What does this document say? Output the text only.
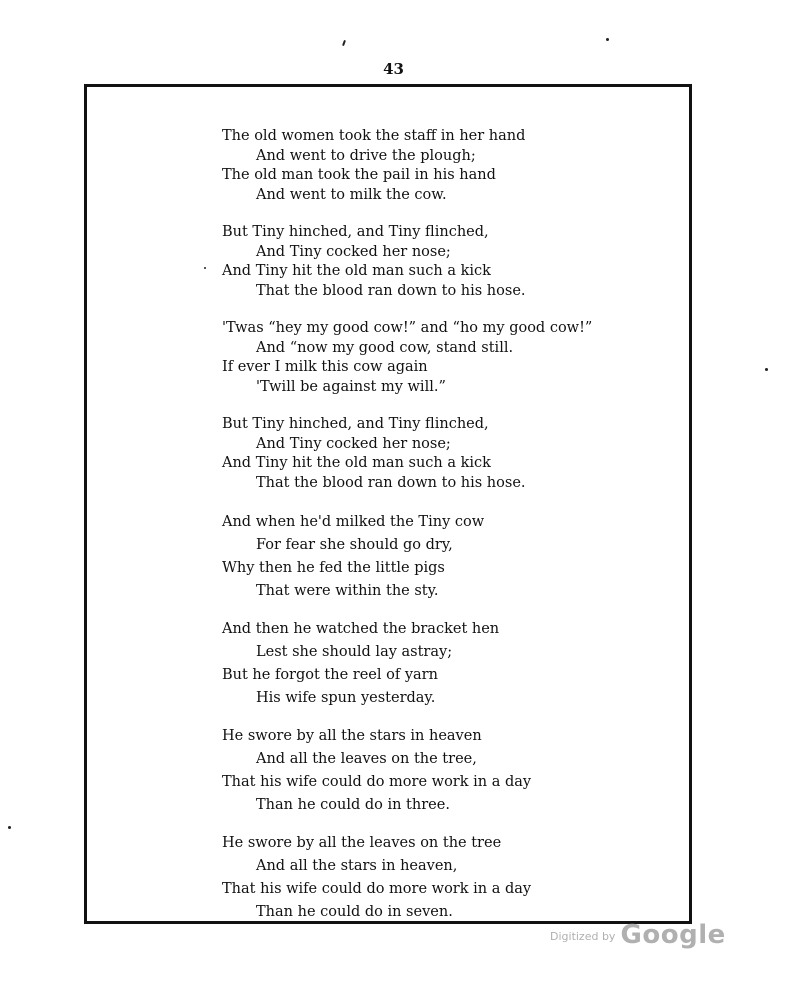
43
The old women took the staff in her hand
And went to drive the plough;
The old man took the pail in his hand
And went to milk the cow.
But Tiny hinched, and Tiny flinched,
And Tiny cocked her nose;
And Tiny hit the old man such a kick
That the blood ran down to his hose.
'Twas “hey my good cow!” and “ho my good cow!”
And “now my good cow, stand still.
If ever I milk this cow again
'Twill be against my will.”
But Tiny hinched, and Tiny flinched,
And Tiny cocked her nose;
And Tiny hit the old man such a kick
That the blood ran down to his hose.
And when he'd milked the Tiny cow
For fear she should go dry,
Why then he fed the little pigs
That were within the sty.
And then he watched the bracket hen
Lest she should lay astray;
But he forgot the reel of yarn
His wife spun yesterday.
He swore by all the stars in heaven
And all the leaves on the tree,
That his wife could do more work in a day
Than he could do in three.
He swore by all the leaves on the tree
And all the stars in heaven,
That his wife could do more work in a day
Than he could do in seven.
Digitized by Google
